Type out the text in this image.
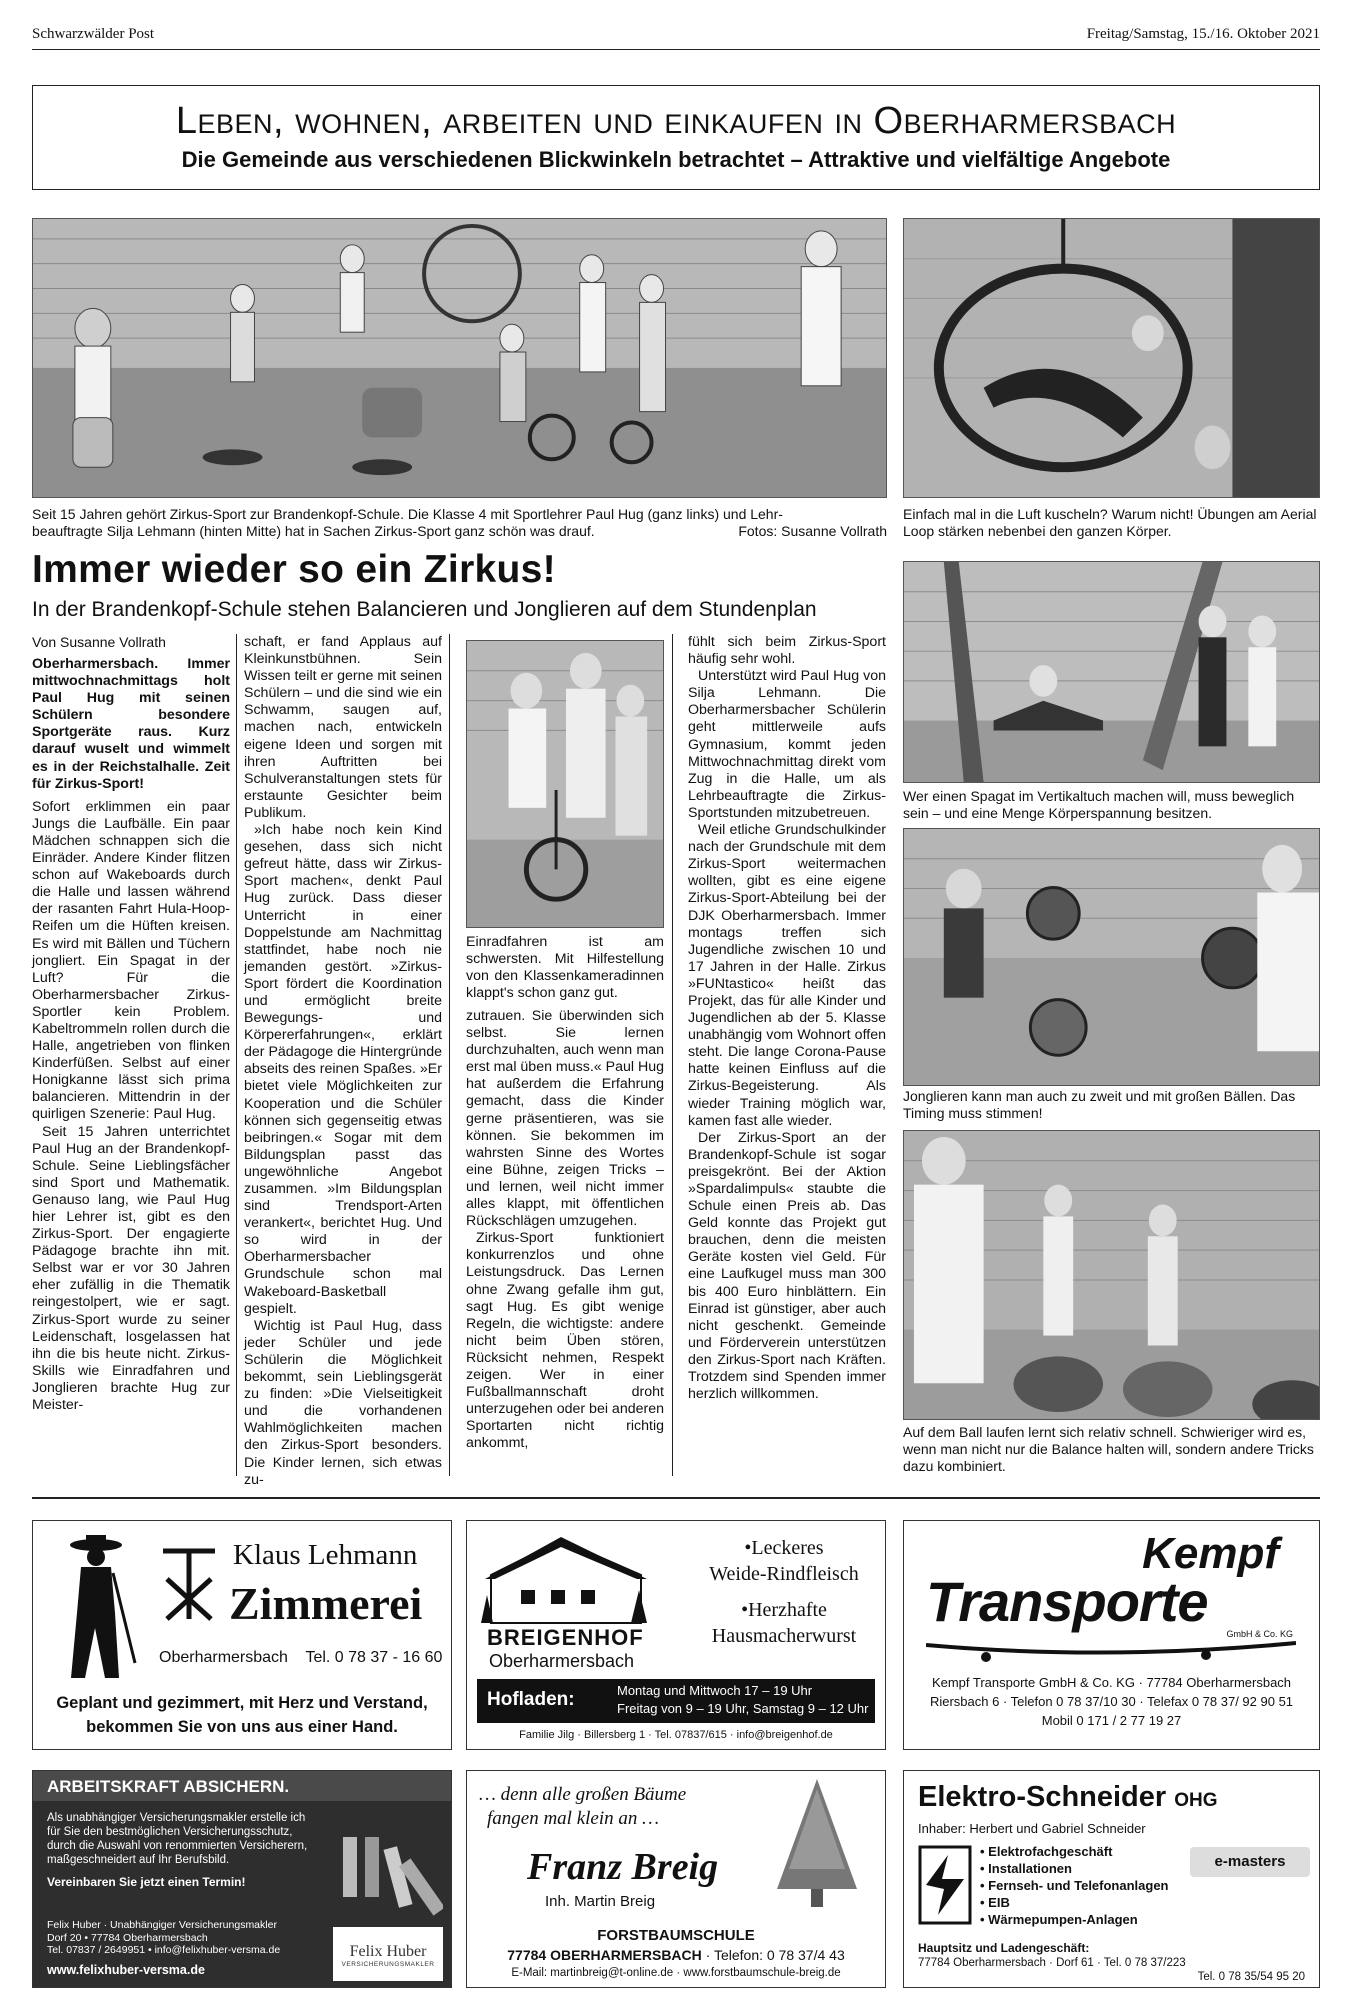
Schwarzwälder Post	Freitag/Samstag, 15./16. Oktober 2021
Leben, wohnen, arbeiten und einkaufen in Oberharmersbach
Die Gemeinde aus verschiedenen Blickwinkeln betrachtet – Attraktive und vielfältige Angebote
Seit 15 Jahren gehört Zirkus-Sport zur Brandenkopf-Schule. Die Klasse 4 mit Sportlehrer Paul Hug (ganz links) und Lehr-
beauftragte Silja Lehmann (hinten Mitte) hat in Sachen Zirkus-Sport ganz schön was drauf.	Fotos: Susanne Vollrath
Einfach mal in die Luft kuscheln? Warum nicht! Übungen am Aerial Loop stärken nebenbei den ganzen Körper.
Wer einen Spagat im Vertikaltuch machen will, muss beweglich sein – und eine Menge Körperspannung besitzen.
Jonglieren kann man auch zu zweit und mit großen Bällen. Das Timing muss stimmen!
Auf dem Ball laufen lernt sich relativ schnell. Schwieriger wird es, wenn man nicht nur die Balance halten will, sondern andere Tricks dazu kombiniert.
Immer wieder so ein Zirkus!
In der Brandenkopf-Schule stehen Balancieren und Jonglieren auf dem Stundenplan
Von Susanne Vollrath

Oberharmersbach. Immer mittwochnachmittags holt Paul Hug mit seinen Schülern besondere Sportgeräte raus. Kurz darauf wuselt und wimmelt es in der Reichstalhalle. Zeit für Zirkus-Sport!

Sofort erklimmen ein paar Jungs die Laufbälle. Ein paar Mädchen schnappen sich die Einräder. Andere Kinder flitzen schon auf Wakeboards durch die Halle und lassen während der rasanten Fahrt Hula-Hoop-Reifen um die Hüften kreisen. Es wird mit Bällen und Tüchern jongliert. Ein Spagat in der Luft? Für die Oberharmersbacher Zirkus-Sportler kein Problem. Kabeltrommeln rollen durch die Halle, angetrieben von flinken Kinderfüßen. Selbst auf einer Honigkanne lässt sich prima balancieren. Mittendrin in der quirligen Szenerie: Paul Hug.

Seit 15 Jahren unterrichtet Paul Hug an der Brandenkopf-Schule. Seine Lieblingsfächer sind Sport und Mathematik. Genauso lang, wie Paul Hug hier Lehrer ist, gibt es den Zirkus-Sport. Der engagierte Pädagoge brachte ihn mit. Selbst war er vor 30 Jahren eher zufällig in die Thematik reingestolpert, wie er sagt. Zirkus-Sport wurde zu seiner Leidenschaft, losgelassen hat ihn die bis heute nicht. Zirkus-Skills wie Einradfahren und Jonglieren brachte Hug zur Meister-

schaft, er fand Applaus auf Kleinkunstbühnen. Sein Wissen teilt er gerne mit seinen Schülern – und die sind wie ein Schwamm, saugen auf, machen nach, entwickeln eigene Ideen und sorgen mit ihren Auftritten bei Schulveranstaltungen stets für erstaunte Gesichter beim Publikum.

»Ich habe noch kein Kind gesehen, dass sich nicht gefreut hätte, dass wir Zirkus-Sport machen«, denkt Paul Hug zurück. Dass dieser Unterricht in einer Doppelstunde am Nachmittag stattfindet, habe noch nie jemanden gestört. »Zirkus-Sport fördert die Koordination und ermöglicht breite Bewegungs- und Körpererfahrungen«, erklärt der Pädagoge die Hintergründe abseits des reinen Spaßes. »Er bietet viele Möglichkeiten zur Kooperation und die Schüler können sich gegenseitig etwas beibringen.« Sogar mit dem Bildungsplan passt das ungewöhnliche Angebot zusammen. »Im Bildungsplan sind Trendsport-Arten verankert«, berichtet Hug. Und so wird in der Oberharmersbacher Grundschule schon mal Wakeboard-Basketball gespielt.

Wichtig ist Paul Hug, dass jeder Schüler und jede Schülerin die Möglichkeit bekommt, sein Lieblingsgerät zu finden: »Die Vielseitigkeit und die vorhandenen Wahlmöglichkeiten machen den Zirkus-Sport besonders. Die Kinder lernen, sich etwas zu-

Einradfahren ist am schwersten. Mit Hilfestellung von den Klassenkameradinnen klappt's schon ganz gut.

zutrauen. Sie überwinden sich selbst. Sie lernen durchzuhalten, auch wenn man erst mal üben muss.« Paul Hug hat außerdem die Erfahrung gemacht, dass die Kinder gerne präsentieren, was sie können. Sie bekommen im wahrsten Sinne des Wortes eine Bühne, zeigen Tricks – und lernen, weil nicht immer alles klappt, mit öffentlichen Rückschlägen umzugehen.

Zirkus-Sport funktioniert konkurrenzlos und ohne Leistungsdruck. Das Lernen ohne Zwang gefalle ihm gut, sagt Hug. Es gibt wenige Regeln, die wichtigste: andere nicht beim Üben stören, Rücksicht nehmen, Respekt zeigen. Wer in einer Fußballmannschaft droht unterzugehen oder bei anderen Sportarten nicht richtig ankommt,

fühlt sich beim Zirkus-Sport häufig sehr wohl.

Unterstützt wird Paul Hug von Silja Lehmann. Die Oberharmersbacher Schülerin geht mittlerweile aufs Gymnasium, kommt jeden Mittwochnachmittag direkt vom Zug in die Halle, um als Lehrbeauftragte die Zirkus-Sportstunden mitzubetreuen.

Weil etliche Grundschulkinder nach der Grundschule mit dem Zirkus-Sport weitermachen wollten, gibt es eine eigene Zirkus-Sport-Abteilung bei der DJK Oberharmersbach. Immer montags treffen sich Jugendliche zwischen 10 und 17 Jahren in der Halle. Zirkus »FUNtastico« heißt das Projekt, das für alle Kinder und Jugendlichen ab der 5. Klasse unabhängig vom Wohnort offen steht. Die lange Corona-Pause hatte keinen Einfluss auf die Zirkus-Begeisterung. Als wieder Training möglich war, kamen fast alle wieder.

Der Zirkus-Sport an der Brandenkopf-Schule ist sogar preisgekrönt. Bei der Aktion »Spardalimpuls« staubte die Schule einen Preis ab. Das Geld konnte das Projekt gut brauchen, denn die meisten Geräte kosten viel Geld. Für eine Laufkugel muss man 300 bis 400 Euro hinblättern. Ein Einrad ist günstiger, aber auch nicht geschenkt. Gemeinde und Förderverein unterstützen den Zirkus-Sport nach Kräften. Trotzdem sind Spenden immer herzlich willkommen.

Klaus Lehmann
Zimmerei
Oberharmersbach Tel. 0 78 37 - 16 60
Geplant und gezimmert, mit Herz und Verstand,
bekommen Sie von uns aus einer Hand.
BREIGENHOF
Oberharmersbach
•Leckeres
Weide-Rindfleisch
•Herzhafte
Hausmacherwurst
Hofladen:	Montag und Mittwoch 17 – 19 Uhr
Freitag von 9 – 19 Uhr, Samstag 9 – 12 Uhr
Familie Jilg · Billersberg 1 · Tel. 07837/615 · info@breigenhof.de
Kempf
Transporte
GmbH & Co. KG
Kempf Transporte GmbH & Co. KG · 77784 Oberharmersbach
Riersbach 6 · Telefon 0 78 37/10 30 · Telefax 0 78 37/ 92 90 51
Mobil 0 171 / 2 77 19 27
ARBEITSKRAFT ABSICHERN.
Als unabhängiger Versicherungsmakler erstelle ich
für Sie den bestmöglichen Versicherungsschutz,
durch die Auswahl von renommierten Versicherern,
maßgeschneidert auf Ihr Berufsbild.
Vereinbaren Sie jetzt einen Termin!
Felix Huber · Unabhängiger Versicherungsmakler
Dorf 20 • 77784 Oberharmersbach
Tel. 07837 / 2649951 • info@felixhuber-versma.de
www.felixhuber-versma.de
Felix Huber
VERSICHERUNGSMAKLER
… denn alle großen Bäume
fangen mal klein an …
Franz Breig
Inh. Martin Breig
FORSTBAUMSCHULE
77784 OBERHARMERSBACH · Telefon: 0 78 37/4 43
E-Mail: martinbreig@t-online.de · www.forstbaumschule-breig.de
Elektro-Schneider OHG
Inhaber: Herbert und Gabriel Schneider
• Elektrofachgeschäft
• Installationen
• Fernseh- und Telefonanlagen
• EIB
• Wärmepumpen-Anlagen
e-masters
Hauptsitz und Ladengeschäft:
77784 Oberharmersbach · Dorf 61 · Tel. 0 78 37/223
Tel. 0 78 35/54 95 20
